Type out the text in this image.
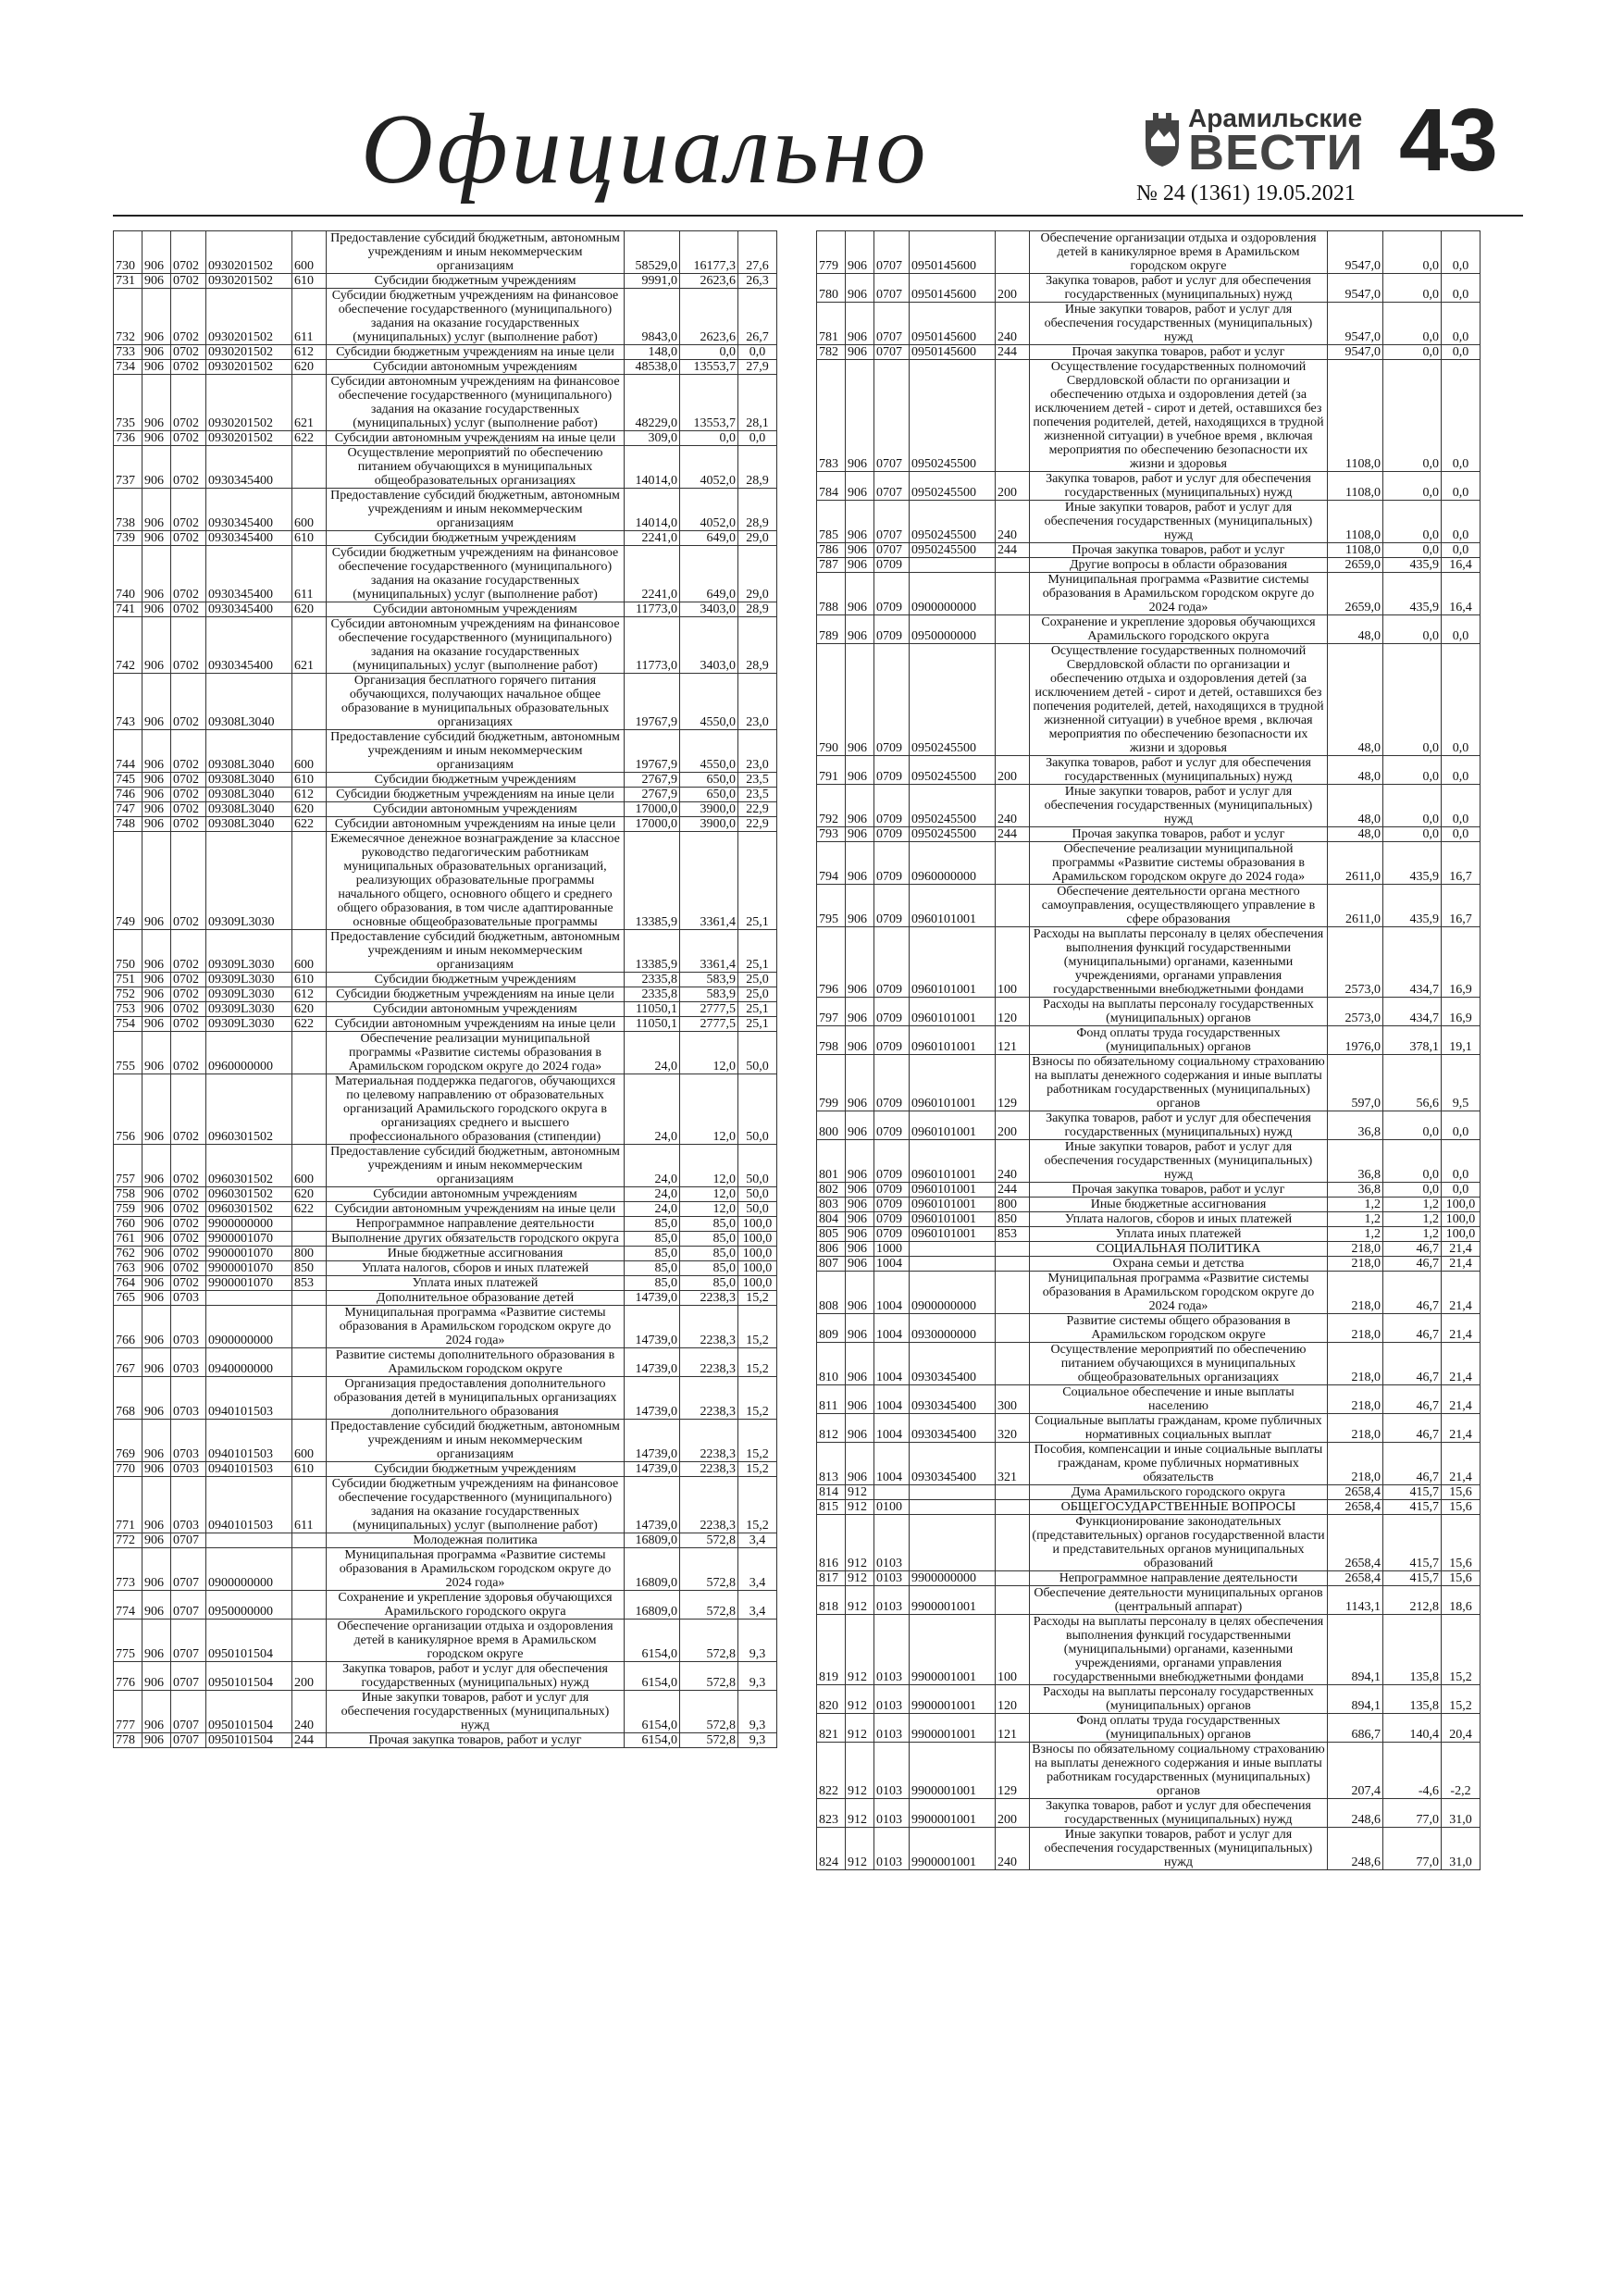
Официально	Арамильские
ВЕСТИ 43
№ 24 (1361) 19.05.2021
730	906	0702	0930201502	600	Предоставление субсидий бюджетным, автономным учреждениям и иным некоммерческим организациям	58529,0	16177,3	27,6
731	906	0702	0930201502	610	Субсидии бюджетным учреждениям	9991,0	2623,6	26,3
732	906	0702	0930201502	611	Субсидии бюджетным учреждениям на финансовое обеспечение государственного (муниципального) задания на оказание государственных (муниципальных) услуг (выполнение работ)	9843,0	2623,6	26,7
733	906	0702	0930201502	612	Субсидии бюджетным учреждениям на иные цели	148,0	0,0	0,0
734	906	0702	0930201502	620	Субсидии автономным учреждениям	48538,0	13553,7	27,9
735	906	0702	0930201502	621	Субсидии автономным учреждениям на финансовое обеспечение государственного (муниципального) задания на оказание государственных (муниципальных) услуг (выполнение работ)	48229,0	13553,7	28,1
736	906	0702	0930201502	622	Субсидии автономным учреждениям на иные цели	309,0	0,0	0,0
737	906	0702	0930345400		Осуществление мероприятий по обеспечению питанием обучающихся в муниципальных общеобразовательных организациях	14014,0	4052,0	28,9
738	906	0702	0930345400	600	Предоставление субсидий бюджетным, автономным учреждениям и иным некоммерческим организациям	14014,0	4052,0	28,9
739	906	0702	0930345400	610	Субсидии бюджетным учреждениям	2241,0	649,0	29,0
740	906	0702	0930345400	611	Субсидии бюджетным учреждениям на финансовое обеспечение государственного (муниципального) задания на оказание государственных (муниципальных) услуг (выполнение работ)	2241,0	649,0	29,0
741	906	0702	0930345400	620	Субсидии автономным учреждениям	11773,0	3403,0	28,9
742	906	0702	0930345400	621	Субсидии автономным учреждениям на финансовое обеспечение государственного (муниципального) задания на оказание государственных (муниципальных) услуг (выполнение работ)	11773,0	3403,0	28,9
743	906	0702	09308L3040		Организация бесплатного горячего питания обучающихся, получающих начальное общее образование в муниципальных образовательных организациях	19767,9	4550,0	23,0
744	906	0702	09308L3040	600	Предоставление субсидий бюджетным, автономным учреждениям и иным некоммерческим организациям	19767,9	4550,0	23,0
745	906	0702	09308L3040	610	Субсидии бюджетным учреждениям	2767,9	650,0	23,5
746	906	0702	09308L3040	612	Субсидии бюджетным учреждениям на иные цели	2767,9	650,0	23,5
747	906	0702	09308L3040	620	Субсидии автономным учреждениям	17000,0	3900,0	22,9
748	906	0702	09308L3040	622	Субсидии автономным учреждениям на иные цели	17000,0	3900,0	22,9
749	906	0702	09309L3030		Ежемесячное денежное вознаграждение за классное руководство педагогическим работникам муниципальных образовательных организаций, реализующих образовательные программы начального общего, основного общего и среднего общего образования, в том числе адаптированные основные общеобразовательные программы	13385,9	3361,4	25,1
750	906	0702	09309L3030	600	Предоставление субсидий бюджетным, автономным учреждениям и иным некоммерческим организациям	13385,9	3361,4	25,1
751	906	0702	09309L3030	610	Субсидии бюджетным учреждениям	2335,8	583,9	25,0
752	906	0702	09309L3030	612	Субсидии бюджетным учреждениям на иные цели	2335,8	583,9	25,0
753	906	0702	09309L3030	620	Субсидии автономным учреждениям	11050,1	2777,5	25,1
754	906	0702	09309L3030	622	Субсидии автономным учреждениям на иные цели	11050,1	2777,5	25,1
755	906	0702	0960000000		Обеспечение реализации муниципальной программы «Развитие системы образования в Арамильском городском округе до 2024 года»	24,0	12,0	50,0
756	906	0702	0960301502		Материальная поддержка педагогов, обучающихся по целевому направлению от образовательных организаций Арамильского городского округа в организациях среднего и высшего профессионального образования (стипендии)	24,0	12,0	50,0
757	906	0702	0960301502	600	Предоставление субсидий бюджетным, автономным учреждениям и иным некоммерческим организациям	24,0	12,0	50,0
758	906	0702	0960301502	620	Субсидии автономным учреждениям	24,0	12,0	50,0
759	906	0702	0960301502	622	Субсидии автономным учреждениям на иные цели	24,0	12,0	50,0
760	906	0702	9900000000		Непрограммное направление деятельности	85,0	85,0	100,0
761	906	0702	9900001070		Выполнение других обязательств городского округа	85,0	85,0	100,0
762	906	0702	9900001070	800	Иные бюджетные ассигнования	85,0	85,0	100,0
763	906	0702	9900001070	850	Уплата налогов, сборов и иных платежей	85,0	85,0	100,0
764	906	0702	9900001070	853	Уплата иных платежей	85,0	85,0	100,0
765	906	0703			Дополнительное образование детей	14739,0	2238,3	15,2
766	906	0703	0900000000		Муниципальная программа «Развитие системы образования в Арамильском городском округе до 2024 года»	14739,0	2238,3	15,2
767	906	0703	0940000000		Развитие системы дополнительного образования в Арамильском городском округе	14739,0	2238,3	15,2
768	906	0703	0940101503		Организация предоставления дополнительного образования детей в муниципальных организациях дополнительного образования	14739,0	2238,3	15,2
769	906	0703	0940101503	600	Предоставление субсидий бюджетным, автономным учреждениям и иным некоммерческим организациям	14739,0	2238,3	15,2
770	906	0703	0940101503	610	Субсидии бюджетным учреждениям	14739,0	2238,3	15,2
771	906	0703	0940101503	611	Субсидии бюджетным учреждениям на финансовое обеспечение государственного (муниципального) задания на оказание государственных (муниципальных) услуг (выполнение работ)	14739,0	2238,3	15,2
772	906	0707			Молодежная политика	16809,0	572,8	3,4
773	906	0707	0900000000		Муниципальная программа «Развитие системы образования в Арамильском городском округе до 2024 года»	16809,0	572,8	3,4
774	906	0707	0950000000		Сохранение и укрепление здоровья обучающихся Арамильского городского округа	16809,0	572,8	3,4
775	906	0707	0950101504		Обеспечение организации отдыха и оздоровления детей в каникулярное время в Арамильском городском округе	6154,0	572,8	9,3
776	906	0707	0950101504	200	Закупка товаров, работ и услуг для обеспечения государственных (муниципальных) нужд	6154,0	572,8	9,3
777	906	0707	0950101504	240	Иные закупки товаров, работ и услуг для обеспечения государственных (муниципальных) нужд	6154,0	572,8	9,3
778	906	0707	0950101504	244	Прочая закупка товаров, работ и услуг	6154,0	572,8	9,3
779	906	0707	0950145600		Обеспечение организации отдыха и оздоровления детей в каникулярное время в Арамильском городском округе	9547,0	0,0	0,0
780	906	0707	0950145600	200	Закупка товаров, работ и услуг для обеспечения государственных (муниципальных) нужд	9547,0	0,0	0,0
781	906	0707	0950145600	240	Иные закупки товаров, работ и услуг для обеспечения государственных (муниципальных) нужд	9547,0	0,0	0,0
782	906	0707	0950145600	244	Прочая закупка товаров, работ и услуг	9547,0	0,0	0,0
783	906	0707	0950245500		Осуществление государственных полномочий Свердловской области по организации и обеспечению отдыха и оздоровления детей (за исключением детей - сирот и детей, оставшихся без попечения родителей, детей, находящихся в трудной жизненной ситуации) в учебное время , включая мероприятия по обеспечению безопасности их жизни и здоровья	1108,0	0,0	0,0
784	906	0707	0950245500	200	Закупка товаров, работ и услуг для обеспечения государственных (муниципальных) нужд	1108,0	0,0	0,0
785	906	0707	0950245500	240	Иные закупки товаров, работ и услуг для обеспечения государственных (муниципальных) нужд	1108,0	0,0	0,0
786	906	0707	0950245500	244	Прочая закупка товаров, работ и услуг	1108,0	0,0	0,0
787	906	0709			Другие вопросы в области образования	2659,0	435,9	16,4
788	906	0709	0900000000		Муниципальная программа «Развитие системы образования в Арамильском городском округе до 2024 года»	2659,0	435,9	16,4
789	906	0709	0950000000		Сохранение и укрепление здоровья обучающихся Арамильского городского округа	48,0	0,0	0,0
790	906	0709	0950245500		Осуществление государственных полномочий Свердловской области по организации и обеспечению отдыха и оздоровления детей (за исключением детей - сирот и детей, оставшихся без попечения родителей, детей, находящихся в трудной жизненной ситуации) в учебное время , включая мероприятия по обеспечению безопасности их жизни и здоровья	48,0	0,0	0,0
791	906	0709	0950245500	200	Закупка товаров, работ и услуг для обеспечения государственных (муниципальных) нужд	48,0	0,0	0,0
792	906	0709	0950245500	240	Иные закупки товаров, работ и услуг для обеспечения государственных (муниципальных) нужд	48,0	0,0	0,0
793	906	0709	0950245500	244	Прочая закупка товаров, работ и услуг	48,0	0,0	0,0
794	906	0709	0960000000		Обеспечение реализации муниципальной программы «Развитие системы образования в Арамильском городском округе до 2024 года»	2611,0	435,9	16,7
795	906	0709	0960101001		Обеспечение деятельности органа местного самоуправления, осуществляющего управление в сфере образования	2611,0	435,9	16,7
796	906	0709	0960101001	100	Расходы на выплаты персоналу в целях обеспечения выполнения функций государственными (муниципальными) органами, казенными учреждениями, органами управления государственными внебюджетными фондами	2573,0	434,7	16,9
797	906	0709	0960101001	120	Расходы на выплаты персоналу государственных (муниципальных) органов	2573,0	434,7	16,9
798	906	0709	0960101001	121	Фонд оплаты труда государственных (муниципальных) органов	1976,0	378,1	19,1
799	906	0709	0960101001	129	Взносы по обязательному социальному страхованию на выплаты денежного содержания и иные выплаты работникам государственных (муниципальных) органов	597,0	56,6	9,5
800	906	0709	0960101001	200	Закупка товаров, работ и услуг для обеспечения государственных (муниципальных) нужд	36,8	0,0	0,0
801	906	0709	0960101001	240	Иные закупки товаров, работ и услуг для обеспечения государственных (муниципальных) нужд	36,8	0,0	0,0
802	906	0709	0960101001	244	Прочая закупка товаров, работ и услуг	36,8	0,0	0,0
803	906	0709	0960101001	800	Иные бюджетные ассигнования	1,2	1,2	100,0
804	906	0709	0960101001	850	Уплата налогов, сборов и иных платежей	1,2	1,2	100,0
805	906	0709	0960101001	853	Уплата иных платежей	1,2	1,2	100,0
806	906	1000			СОЦИАЛЬНАЯ ПОЛИТИКА	218,0	46,7	21,4
807	906	1004			Охрана семьи и детства	218,0	46,7	21,4
808	906	1004	0900000000		Муниципальная программа «Развитие системы образования в Арамильском городском округе до 2024 года»	218,0	46,7	21,4
809	906	1004	0930000000		Развитие системы общего образования в Арамильском городском округе	218,0	46,7	21,4
810	906	1004	0930345400		Осуществление мероприятий по обеспечению питанием обучающихся в муниципальных общеобразовательных организациях	218,0	46,7	21,4
811	906	1004	0930345400	300	Социальное обеспечение и иные выплаты населению	218,0	46,7	21,4
812	906	1004	0930345400	320	Социальные выплаты гражданам, кроме публичных нормативных социальных выплат	218,0	46,7	21,4
813	906	1004	0930345400	321	Пособия, компенсации и иные социальные выплаты гражданам, кроме публичных нормативных обязательств	218,0	46,7	21,4
814	912				Дума Арамильского городского округа	2658,4	415,7	15,6
815	912	0100			ОБЩЕГОСУДАРСТВЕННЫЕ ВОПРОСЫ	2658,4	415,7	15,6
816	912	0103			Функционирование законодательных (представительных) органов государственной власти и представительных органов муниципальных образований	2658,4	415,7	15,6
817	912	0103	9900000000		Непрограммное направление деятельности	2658,4	415,7	15,6
818	912	0103	9900001001		Обеспечение деятельности муниципальных органов (центральный аппарат)	1143,1	212,8	18,6
819	912	0103	9900001001	100	Расходы на выплаты персоналу в целях обеспечения выполнения функций государственными (муниципальными) органами, казенными учреждениями, органами управления государственными внебюджетными фондами	894,1	135,8	15,2
820	912	0103	9900001001	120	Расходы на выплаты персоналу государственных (муниципальных) органов	894,1	135,8	15,2
821	912	0103	9900001001	121	Фонд оплаты труда государственных (муниципальных) органов	686,7	140,4	20,4
822	912	0103	9900001001	129	Взносы по обязательному социальному страхованию на выплаты денежного содержания и иные выплаты работникам государственных (муниципальных) органов	207,4	-4,6	-2,2
823	912	0103	9900001001	200	Закупка товаров, работ и услуг для обеспечения государственных (муниципальных) нужд	248,6	77,0	31,0
824	912	0103	9900001001	240	Иные закупки товаров, работ и услуг для обеспечения государственных (муниципальных) нужд	248,6	77,0	31,0
